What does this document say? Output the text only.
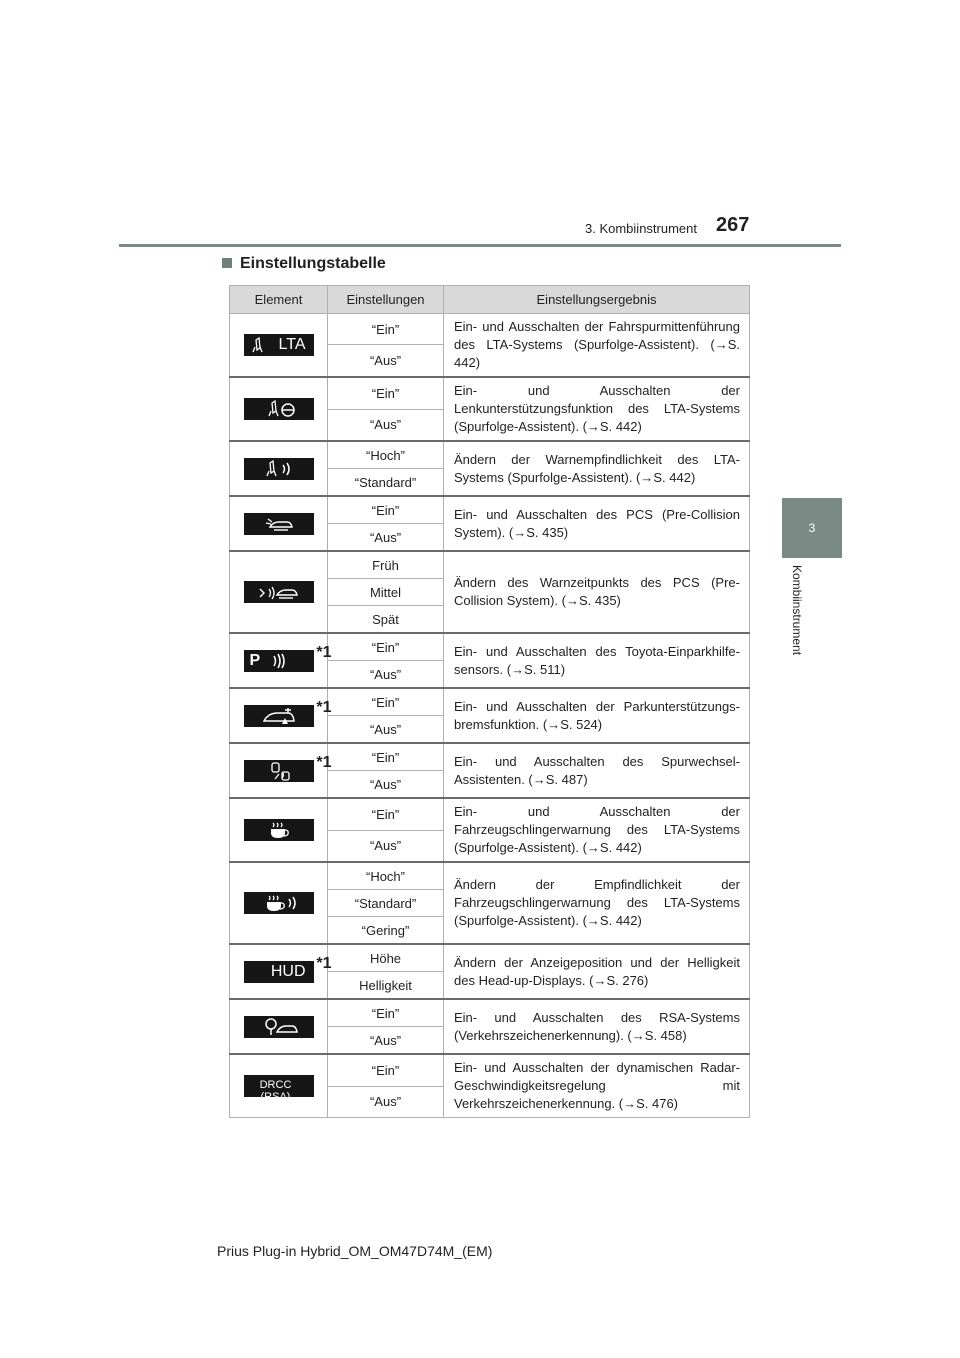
3. Kombiinstrument 267
3
Kombiinstrument
Einstellungstabelle
Element	Einstellungen	Einstellungsergebnis

LTA	“Ein”	Ein- und Ausschalten der Fahrspurmittenführung des LTA-Systems (Spurfolge-Assistent). (→S. 442)
	“Aus”	

	“Ein”	Ein- und Ausschalten der Lenkunterstützungsfunktion des LTA-Systems (Spurfolge-Assistent). (→S. 442)
	“Aus”	

	“Hoch”	Ändern der Warnempfindlichkeit des LTA-Systems (Spurfolge-Assistent). (→S. 442)
	“Standard”	

	“Ein”	Ein- und Ausschalten des PCS (Pre-Collision System). (→S. 435)
	“Aus”	

	Früh	Ändern des Warnzeitpunkts des PCS (Pre-Collision System). (→S. 435)
	Mittel	
	Spät	

P *1	“Ein”	Ein- und Ausschalten des Toyota-Einparkhilfe-sensors. (→S. 511)
	“Aus”	

*1	“Ein”	Ein- und Ausschalten der Parkunterstützungs-bremsfunktion. (→S. 524)
	“Aus”	

*1	“Ein”	Ein- und Ausschalten des Spurwechsel-Assistenten. (→S. 487)
	“Aus”	

	“Ein”	Ein- und Ausschalten der Fahrzeugschlingerwarnung des LTA-Systems (Spurfolge-Assistent). (→S. 442)
	“Aus”	

	“Hoch”	Ändern der Empfindlichkeit der Fahrzeugschlingerwarnung des LTA-Systems (Spurfolge-Assistent). (→S. 442)
	“Standard”	
	“Gering”	

HUD *1	Höhe	Ändern der Anzeigeposition und der Helligkeit des Head-up-Displays. (→S. 276)
	Helligkeit	

	“Ein”	Ein- und Ausschalten des RSA-Systems (Verkehrszeichenerkennung). (→S. 458)
	“Aus”	

DRCC (RSA)	“Ein”	Ein- und Ausschalten der dynamischen Radar-Geschwindigkeitsregelung mit Verkehrszeichenerkennung. (→S. 476)
	“Aus”	
Prius Plug-in Hybrid_OM_OM47D74M_(EM)
